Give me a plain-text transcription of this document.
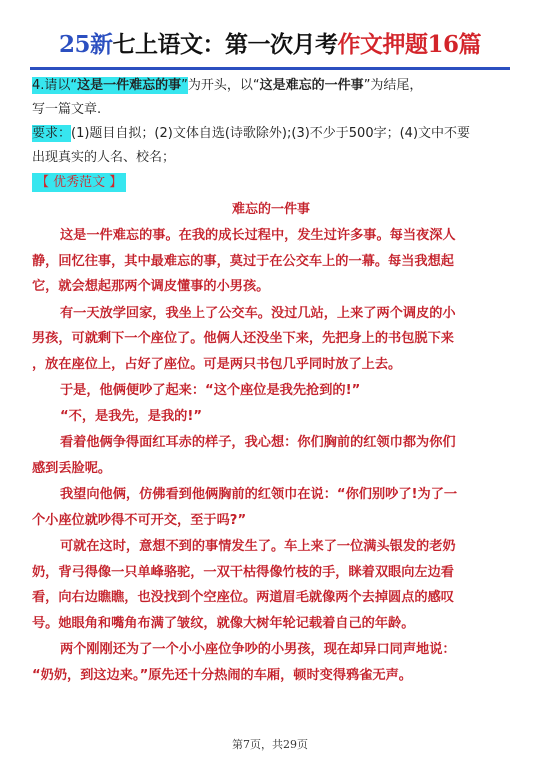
25新七上语文：第一次月考作文押题16篇
4.请以“这是一件难忘的事”为开头，以“这是难忘的一件事”为结尾，
写一篇文章.
要求：(1)题目自拟；(2)文体自选(诗歌除外);(3)不少于500字；(4)文中不要
出现真实的人名、校名；
【 优秀范文 】
难忘的一件事
这是一件难忘的事。在我的成长过程中，发生过许多事。每当夜深人
静，回忆往事，其中最难忘的事，莫过于在公交车上的一幕。每当我想起
它，就会想起那两个调皮懂事的小男孩。
有一天放学回家，我坐上了公交车。没过几站，上来了两个调皮的小
男孩，可就剩下一个座位了。他俩人还没坐下来，先把身上的书包脱下来
，放在座位上，占好了座位。可是两只书包几乎同时放了上去。
于是，他俩便吵了起来：“这个座位是我先抢到的!”
“不，是我先，是我的!”
看着他俩争得面红耳赤的样子，我心想：你们胸前的红领巾都为你们
感到丢脸呢。
我望向他俩，仿佛看到他俩胸前的红领巾在说：“你们别吵了!为了一
个小座位就吵得不可开交，至于吗?”
可就在这时，意想不到的事情发生了。车上来了一位满头银发的老奶
奶，背弓得像一只单峰骆驼，一双干枯得像竹枝的手，眯着双眼向左边看
看，向右边瞧瞧，也没找到个空座位。两道眉毛就像两个去掉圆点的感叹
号。她眼角和嘴角布满了皱纹，就像大树年轮记载着自己的年龄。
两个刚刚还为了一个小小座位争吵的小男孩，现在却异口同声地说：
“奶奶，到这边来。”原先还十分热闹的车厢，顿时变得鸦雀无声。
第7页，共29页
